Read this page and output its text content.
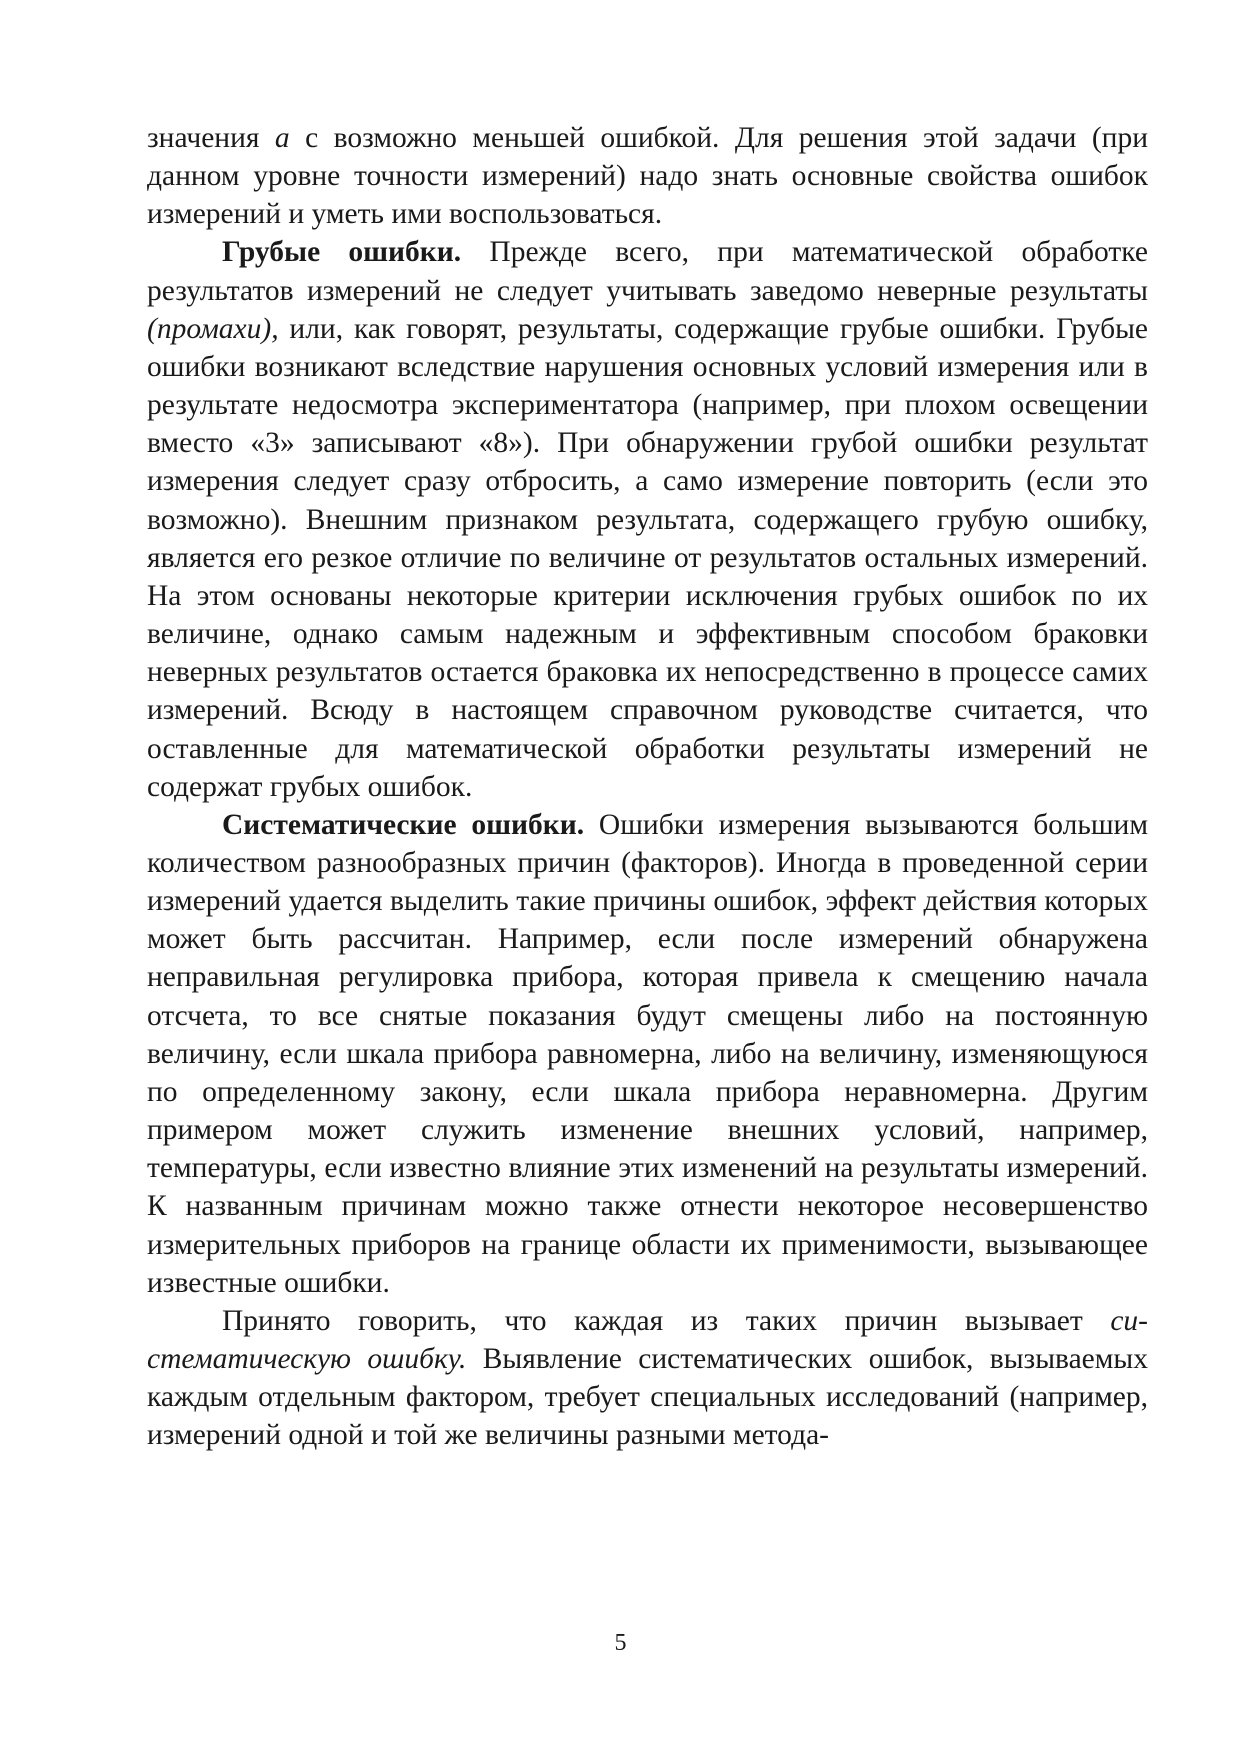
значения a с возможно меньшей ошибкой. Для решения этой задачи (при данном уровне точности измерений) надо знать основные свойства ошибок измерений и уметь ими воспользоваться.

Грубые ошибки. Прежде всего, при математической обработке результатов измерений не следует учитывать заведомо неверные результаты (промахи), или, как говорят, результаты, содержащие грубые ошибки. Грубые ошибки возникают вследствие нарушения основных условий измерения или в результате недосмотра экспериментатора (например, при плохом освещении вместо «3» записывают «8»). При обнаружении грубой ошибки результат измерения следует сразу отбросить, а само измерение повторить (если это возможно). Внешним признаком результата, содержащего грубую ошибку, является его резкое отличие по величине от результатов остальных измерений. На этом основаны некоторые критерии исключения грубых ошибок по их величине, однако самым надежным и эффективным способом браковки неверных результатов остается браковка их непосредственно в процессе самих измерений. Всюду в настоящем справочном руководстве считается, что оставленные для математической обработки результаты измерений не содержат грубых ошибок.

Систематические ошибки. Ошибки измерения вызываются большим количеством разнообразных причин (факторов). Иногда в проведенной серии измерений удается выделить такие причины ошибок, эффект действия которых может быть рассчитан. Например, если после измерений обнаружена неправильная регулировка прибора, которая привела к смещению начала отсчета, то все снятые показания будут смещены либо на постоянную величину, если шкала прибора равномерна, либо на величину, изменяющуюся по определенному закону, если шкала прибора неравномерна. Другим примером может служить изменение внешних условий, например, температуры, если известно влияние этих изменений на результаты измерений. К названным причинам можно также отнести некоторое несовершенство измерительных приборов на границе области их применимости, вызывающее известные ошибки.

Принято говорить, что каждая из таких причин вызывает систематическую ошибку. Выявление систематических ошибок, вызываемых каждым отдельным фактором, требует специальных исследований (например, измерений одной и той же величины разными метода-

5
